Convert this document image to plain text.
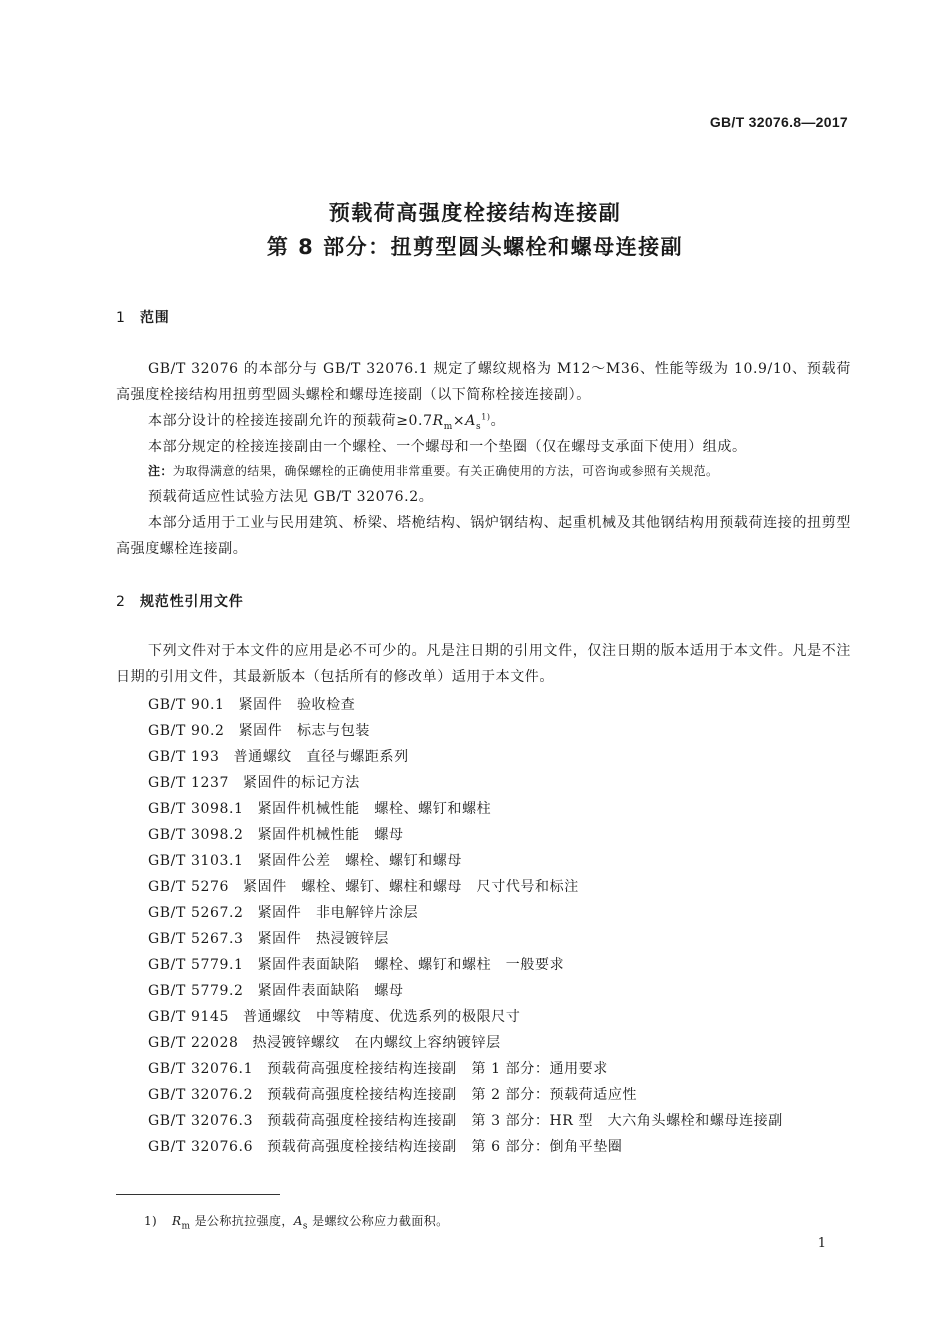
GB/T 32076.8—2017
预载荷高强度栓接结构连接副
第 8 部分：扭剪型圆头螺栓和螺母连接副
1 范围
GB/T 32076 的本部分与 GB/T 32076.1 规定了螺纹规格为 M12～M36、性能等级为 10.9/10、预载荷高强度栓接结构用扭剪型圆头螺栓和螺母连接副（以下简称栓接连接副）。
本部分设计的栓接连接副允许的预载荷$\ge 0.7R_m\times A_s^{1)}$。
本部分规定的栓接连接副由一个螺栓、一个螺母和一个垫圈（仅在螺母支承面下使用）组成。
注：为取得满意的结果，确保螺栓的正确使用非常重要。有关正确使用的方法，可咨询或参照有关规范。
预载荷适应性试验方法见 GB/T 32076.2。
本部分适用于工业与民用建筑、桥梁、塔桅结构、锅炉钢结构、起重机械及其他钢结构用预载荷连接的扭剪型高强度螺栓连接副。
2 规范性引用文件
下列文件对于本文件的应用是必不可少的。凡是注日期的引用文件，仅注日期的版本适用于本文件。凡是不注日期的引用文件，其最新版本（包括所有的修改单）适用于本文件。
GB/T 90.1 紧固件　验收检查
GB/T 90.2 紧固件　标志与包装
GB/T 193 普通螺纹　直径与螺距系列
GB/T 1237 紧固件的标记方法
GB/T 3098.1 紧固件机械性能　螺栓、螺钉和螺柱
GB/T 3098.2 紧固件机械性能　螺母
GB/T 3103.1 紧固件公差　螺栓、螺钉和螺母
GB/T 5276 紧固件　螺栓、螺钉、螺柱和螺母　尺寸代号和标注
GB/T 5267.2 紧固件　非电解锌片涂层
GB/T 5267.3 紧固件　热浸镀锌层
GB/T 5779.1 紧固件表面缺陷　螺栓、螺钉和螺柱　一般要求
GB/T 5779.2 紧固件表面缺陷　螺母
GB/T 9145 普通螺纹　中等精度、优选系列的极限尺寸
GB/T 22028 热浸镀锌螺纹　在内螺纹上容纳镀锌层
GB/T 32076.1 预载荷高强度栓接结构连接副　第 1 部分：通用要求
GB/T 32076.2 预载荷高强度栓接结构连接副　第 2 部分：预载荷适应性
GB/T 32076.3 预载荷高强度栓接结构连接副　第 3 部分：HR 型　大六角头螺栓和螺母连接副
GB/T 32076.6 预载荷高强度栓接结构连接副　第 6 部分：倒角平垫圈
1) $R_m$ 是公称抗拉强度，$A_s$ 是螺纹公称应力截面积。
1
